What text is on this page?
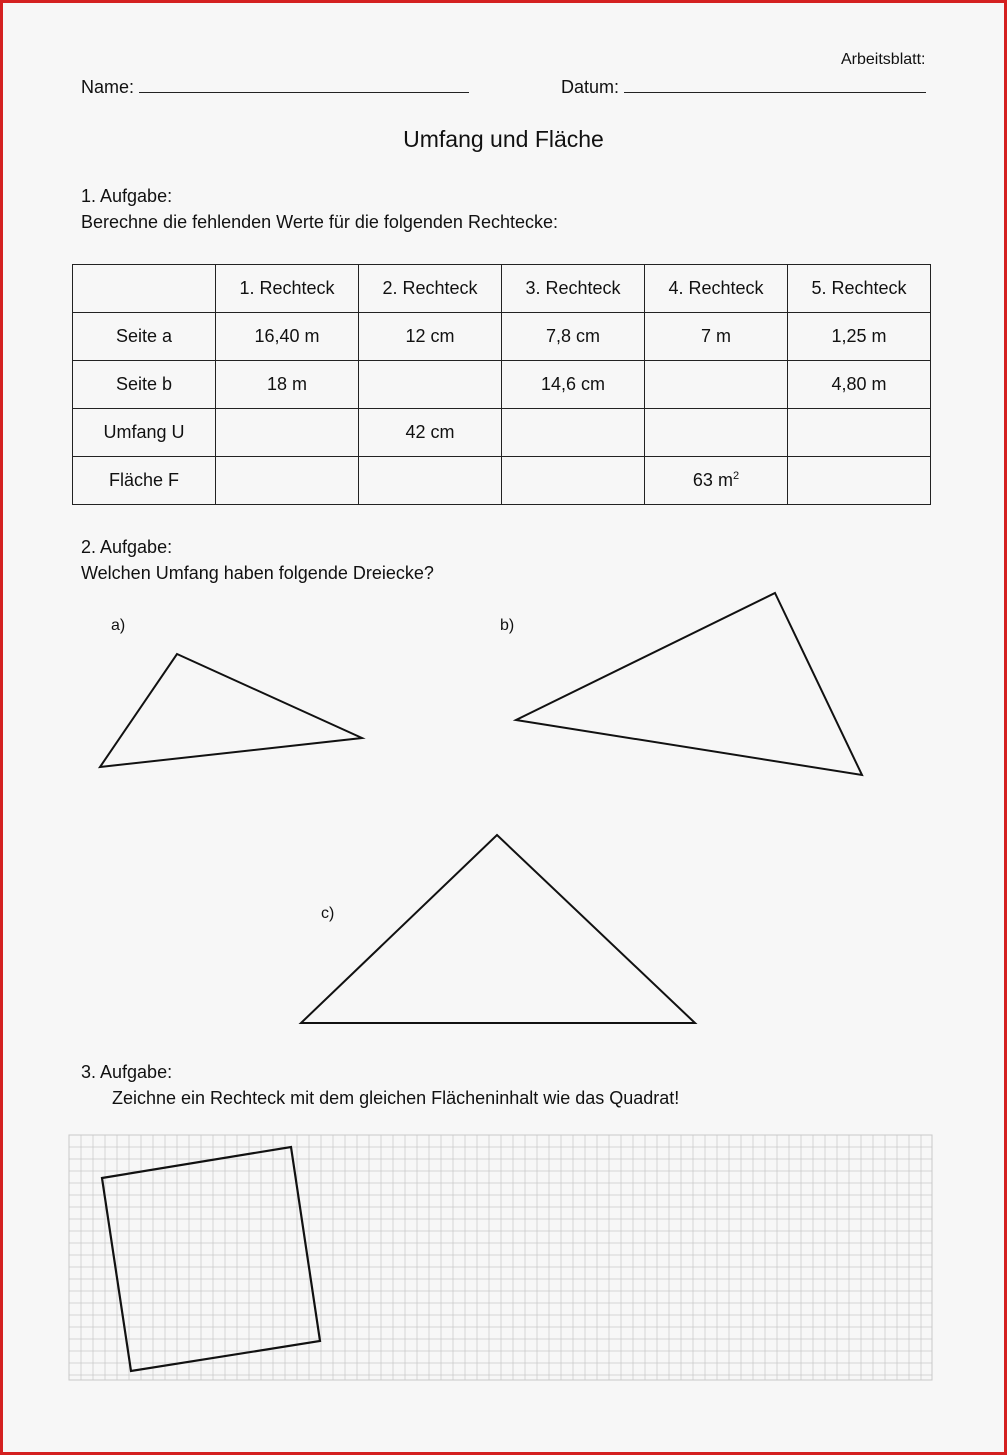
Arbeitsblatt:
Name:	Datum:
Umfang und Fläche
1. Aufgabe:
Berechne die fehlenden Werte für die folgenden Rechtecke:
	1. Rechteck	2. Rechteck	3. Rechteck	4. Rechteck	5. Rechteck
Seite a	16,40 m	12 cm	7,8 cm	7 m	1,25 m
Seite b	18 m		14,6 cm		4,80 m
Umfang U		42 cm			
Fläche F				63 $m^2$	
2. Aufgabe:
Welchen Umfang haben folgende Dreiecke?
a)	b)
c)
3. Aufgabe:
Zeichne ein Rechteck mit dem gleichen Flächeninhalt wie das Quadrat!
